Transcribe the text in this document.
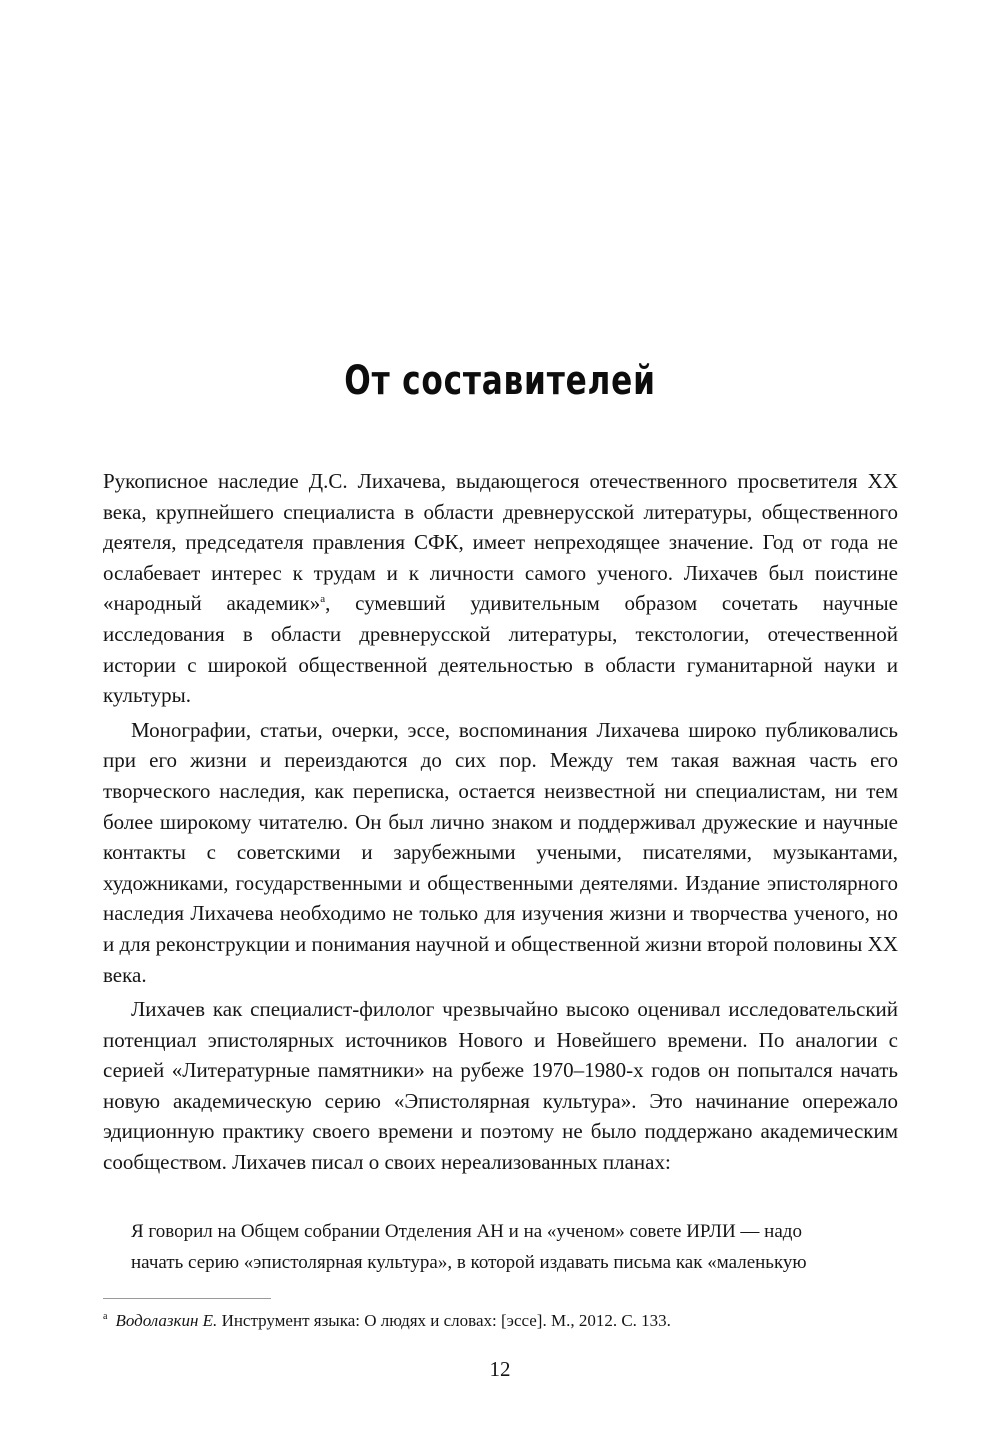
От составителей

Рукописное наследие Д.С. Лихачева, выдающегося отечественного просветителя XX века, крупнейшего специалиста в области древнерусской литературы, общественного деятеля, председателя правления СФК, имеет непреходящее значение. Год от года не ослабевает интерес к трудам и к личности самого ученого. Лихачев был поистине «народный академик»$^a$, сумевший удивительным образом сочетать научные исследования в области древнерусской литературы, текстологии, отечественной истории с широкой общественной деятельностью в области гуманитарной науки и культуры.

Монографии, статьи, очерки, эссе, воспоминания Лихачева широко публиковались при его жизни и переиздаются до сих пор. Между тем такая важная часть его творческого наследия, как переписка, остается неизвестной ни специалистам, ни тем более широкому читателю. Он был лично знаком и поддерживал дружеские и научные контакты с советскими и зарубежными учеными, писателями, музыкантами, художниками, государственными и общественными деятелями. Издание эпистолярного наследия Лихачева необходимо не только для изучения жизни и творчества ученого, но и для реконструкции и понимания научной и общественной жизни второй половины XX века.

Лихачев как специалист-филолог чрезвычайно высоко оценивал исследовательский потенциал эпистолярных источников Нового и Новейшего времени. По аналогии с серией «Литературные памятники» на рубеже 1970–1980-х годов он попытался начать новую академическую серию «Эпистолярная культура». Это начинание опережало эдиционную практику своего времени и поэтому не было поддержано академическим сообществом. Лихачев писал о своих нереализованных планах:

Я говорил на Общем собрании Отделения АН и на «ученом» совете ИРЛИ — надо

начать серию «эпистолярная культура», в которой издавать письма как «маленькую

$^a$ Водолазкин Е. Инструмент языка: О людях и словах: [эссе]. М., 2012. С. 133.
12
